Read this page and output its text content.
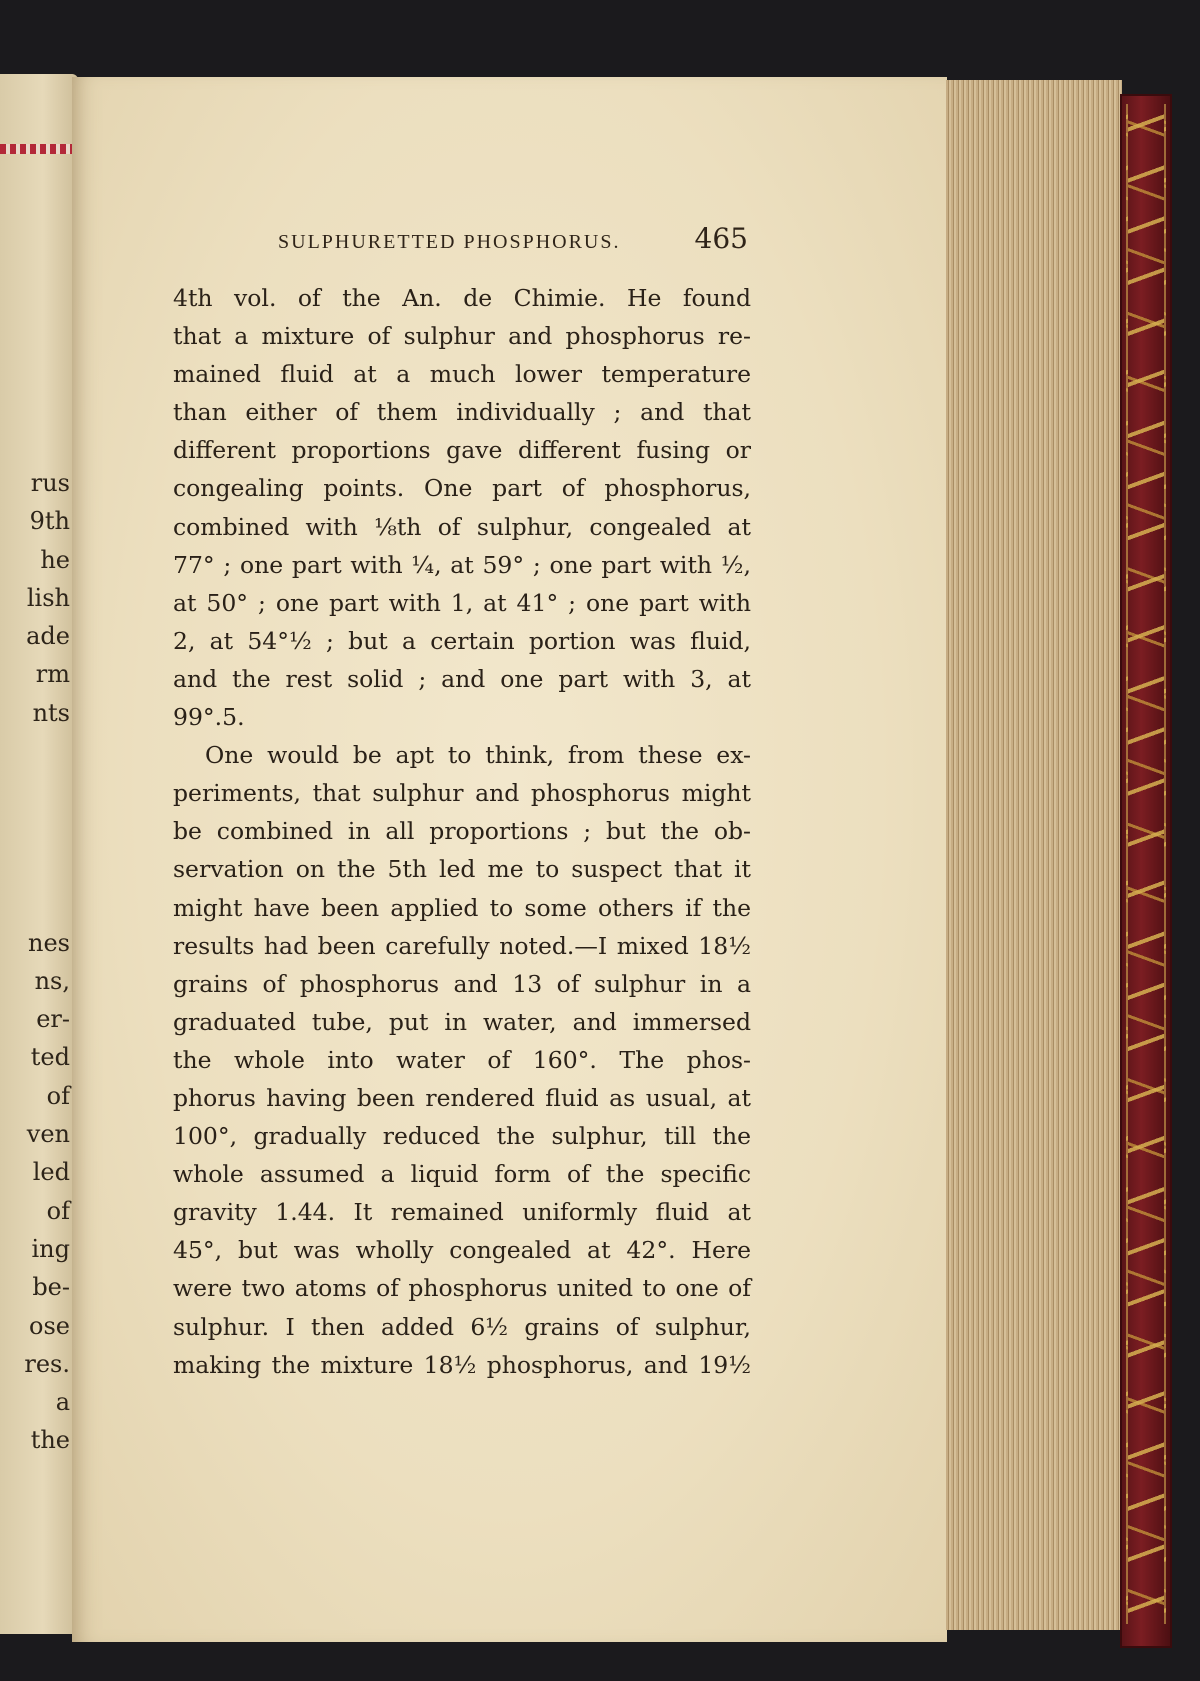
rus
9th
he
lish
ade
rm
nts

nes
ns,
er-
ted
of
ven
led
of
ing
be-
ose
res.
a
the
SULPHURETTED PHOSPHORUS.	465
4th vol. of the An. de Chimie. He found
that a mixture of sulphur and phosphorus re-
mained fluid at a much lower temperature
than either of them individually ; and that
different proportions gave different fusing or
congealing points. One part of phosphorus,
combined with ⅛th of sulphur, congealed at
77° ; one part with ¼, at 59° ; one part with ½,
at 50° ; one part with 1, at 41° ; one part with
2, at 54°½ ; but a certain portion was fluid,
and the rest solid ; and one part with 3, at
99°.5.
One would be apt to think, from these ex-
periments, that sulphur and phosphorus might
be combined in all proportions ; but the ob-
servation on the 5th led me to suspect that it
might have been applied to some others if the
results had been carefully noted.—I mixed 18½
grains of phosphorus and 13 of sulphur in a
graduated tube, put in water, and immersed
the whole into water of 160°. The phos-
phorus having been rendered fluid as usual, at
100°, gradually reduced the sulphur, till the
whole assumed a liquid form of the specific
gravity 1.44. It remained uniformly fluid at
45°, but was wholly congealed at 42°. Here
were two atoms of phosphorus united to one of
sulphur. I then added 6½ grains of sulphur,
making the mixture 18½ phosphorus, and 19½
